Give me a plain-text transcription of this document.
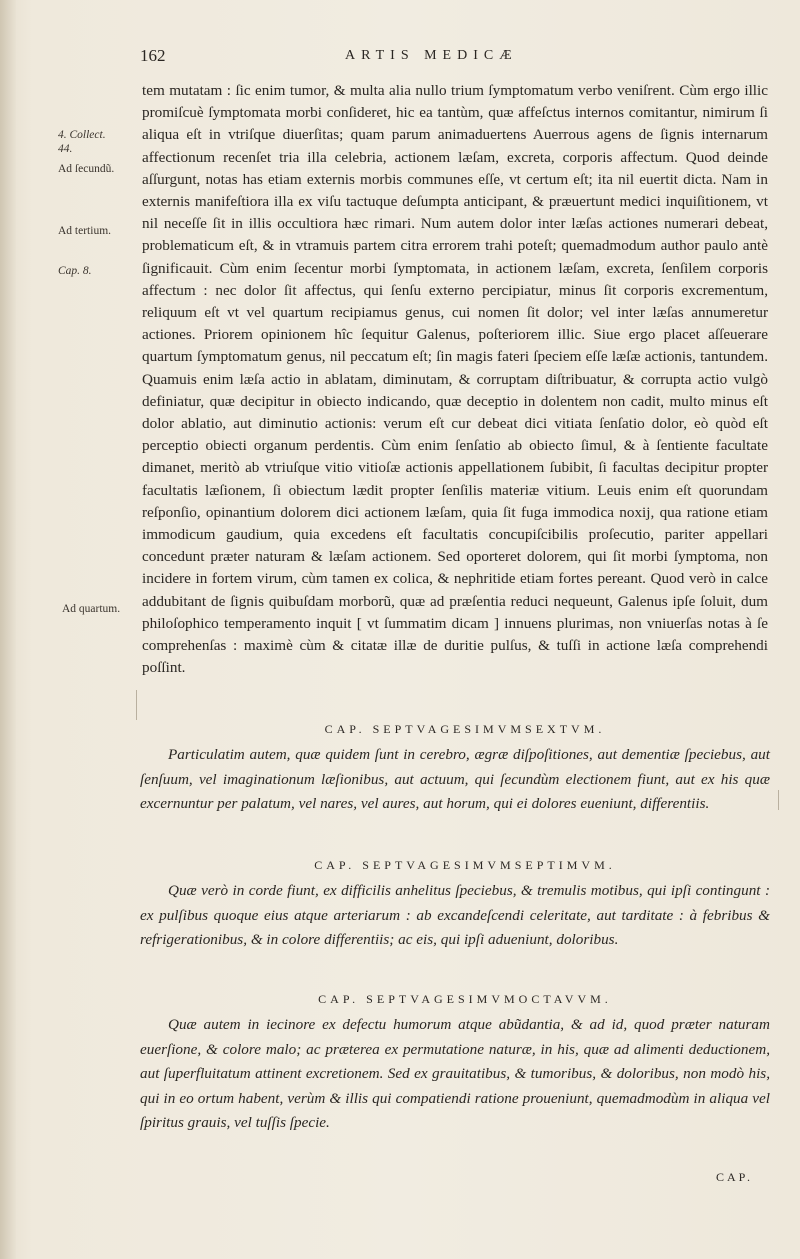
162	ARTIS MEDICÆ
4. Collect. 44.
Ad ſecundũ.
Ad tertium.
Cap. 8.
Ad quartum.

tem mutatam : ſic enim tumor, & multa alia nullo trium ſymptomatum verbo veniſrent. Cùm ergo illic promiſcuè ſymptomata morbi conſideret, hic ea tantùm, quæ affeſctus internos comitantur, nimirum ſi aliqua eſt in vtriſque diuerſitas; quam parum animaduertens Auerrous agens de ſignis internarum affectionum recenſet tria illa celebria, actionem læſam, excreta, corporis affectum. Quod deinde aſſurgunt, notas has etiam externis morbis communes eſſe, vt certum eſt; ita nil euertit dicta. Nam in externis manifeſtiora illa ex viſu tactuque deſumpta anticipant, & præuertunt medici inquiſitionem, vt nil neceſſe ſit in illis occultiora hæc rimari. Num autem dolor inter læſas actiones numerari debeat, problematicum eſt, & in vtramuis partem citra errorem trahi poteſt; quemadmodum author paulo antè ſignificauit. Cùm enim ſecentur morbi ſymptomata, in actionem læſam, excreta, ſenſilem corporis affectum : nec dolor ſit affectus, qui ſenſu externo percipiatur, minus ſit corporis excrementum, reliquum eſt vt vel quartum recipiamus genus, cui nomen ſit dolor; vel inter læſas annumeretur actiones. Priorem opinionem hîc ſequitur Galenus, poſteriorem illic. Siue ergo placet aſſeuerare quartum ſymptomatum genus, nil peccatum eſt; ſin magis fateri ſpeciem eſſe læſæ actionis, tantundem. Quamuis enim læſa actio in ablatam, diminutam, & corruptam diſtribuatur, & corrupta actio vulgò definiatur, quæ decipitur in obiecto indicando, quæ deceptio in dolentem non cadit, multo minus eſt dolor ablatio, aut diminutio actionis: verum eſt cur debeat dici vitiata ſenſatio dolor, eò quòd eſt perceptio obiecti organum perdentis. Cùm enim ſenſatio ab obiecto ſimul, & à ſentiente facultate dimanet, meritò ab vtriuſque vitio vitioſæ actionis appellationem ſubibit, ſi facultas decipitur propter facultatis læſionem, ſi obiectum lædit propter ſenſilis materiæ vitium. Leuis enim eſt quorundam reſponſio, opinantium dolorem dici actionem læſam, quia ſit fuga immodica noxij, qua ratione etiam immodicum gaudium, quia excedens eſt facultatis concupiſcibilis proſecutio, pariter appellari concedunt præter naturam & læſam actionem. Sed oporteret dolorem, qui ſit morbi ſymptoma, non incidere in fortem virum, cùm tamen ex colica, & nephritide etiam fortes pereant. Quod verò in calce addubitant de ſignis quibuſdam morborũ, quæ ad præſentia reduci nequeunt, Galenus ipſe ſoluit, dum philoſophico temperamento inquit [ vt ſummatim dicam ] innuens plurimas, non vniuerſas notas à ſe comprehenſas : maximè cùm & citatæ illæ de duritie pulſus, & tuſſi in actione læſa comprehendi poſſint.

CAP. SEPTVAGESIMVMSEXTVM.
Particulatim autem, quæ quidem ſunt in cerebro, ægræ diſpoſitiones, aut dementiæ ſpeciebus, aut ſenſuum, vel imaginationum læſionibus, aut actuum, qui ſecundùm electionem fiunt, aut ex his quæ excernuntur per palatum, vel nares, vel aures, aut horum, qui ei dolores eueniunt, differentiis.
CAP. SEPTVAGESIMVMSEPTIMVM.
Quæ verò in corde fiunt, ex difficilis anhelitus ſpeciebus, & tremulis motibus, qui ipſi contingunt : ex pulſibus quoque eius atque arteriarum : ab excandeſcendi celeritate, aut tarditate : à febribus & refrigerationibus, & in colore differentiis; ac eis, qui ipſi adueniunt, doloribus.
CAP. SEPTVAGESIMVMOCTAVVM.
Quæ autem in iecinore ex defectu humorum atque abũdantia, & ad id, quod præter naturam euerſione, & colore malo; ac præterea ex permutatione naturæ, in his, quæ ad alimenti deductionem, aut ſuperfluitatum attinent excretionem. Sed ex grauitatibus, & tumoribus, & doloribus, non modò his, qui in eo ortum habent, verùm & illis qui compatiendi ratione proueniunt, quemadmodùm in aliqua vel ſpiritus grauis, vel tuſſis ſpecie.
CAP.
